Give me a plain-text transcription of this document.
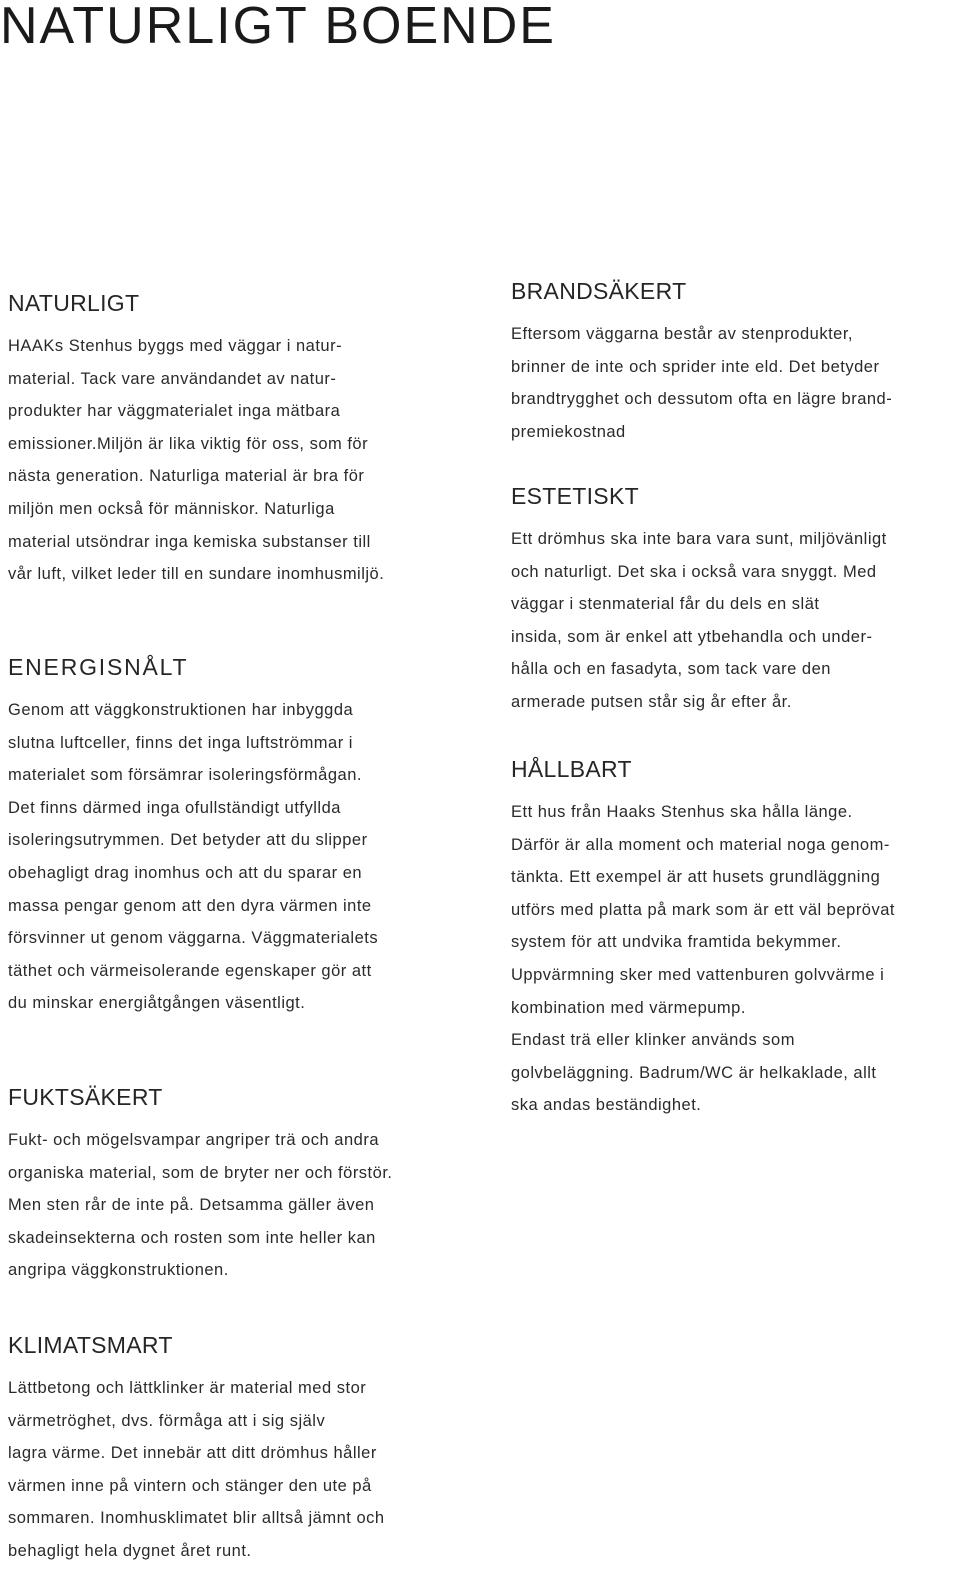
NATURLIGT BOENDE
NATURLIGT

HAAKs Stenhus byggs med väggar i natur-
material. Tack vare användandet av natur-
produkter har väggmaterialet inga mätbara
emissioner.Miljön är lika viktig för oss, som för
nästa generation. Naturliga material är bra för
miljön men också för människor. Naturliga
material utsöndrar inga kemiska substanser till
vår luft, vilket leder till en sundare inomhusmiljö.

ENERGISNÅLT

Genom att väggkonstruktionen har inbyggda
slutna luftceller, finns det inga luftströmmar i
materialet som försämrar isoleringsförmågan.
Det finns därmed inga ofullständigt utfyllda
isoleringsutrymmen. Det betyder att du slipper
obehagligt drag inomhus och att du sparar en
massa pengar genom att den dyra värmen inte
försvinner ut genom väggarna. Väggmaterialets
täthet och värmeisolerande egenskaper gör att
du minskar energiåtgången väsentligt.

FUKTSÄKERT

Fukt- och mögelsvampar angriper trä och andra
organiska material, som de bryter ner och förstör.
Men sten rår de inte på. Detsamma gäller även
skadeinsekterna och rosten som inte heller kan
angripa väggkonstruktionen.

KLIMATSMART

Lättbetong och lättklinker är material med stor
värmetröghet, dvs. förmåga att i sig själv
lagra värme. Det innebär att ditt drömhus håller
värmen inne på vintern och stänger den ute på
sommaren. Inomhusklimatet blir alltså jämnt och
behagligt hela dygnet året runt.

BRANDSÄKERT

Eftersom väggarna består av stenprodukter,
brinner de inte och sprider inte eld. Det betyder
brandtrygghet och dessutom ofta en lägre brand-
premiekostnad

ESTETISKT

Ett drömhus ska inte bara vara sunt, miljövänligt
och naturligt. Det ska i också vara snyggt. Med
väggar i stenmaterial får du dels en slät
insida, som är enkel att ytbehandla och under-
hålla och en fasadyta, som tack vare den
armerade putsen står sig år efter år.

HÅLLBART

Ett hus från Haaks Stenhus ska hålla länge.
Därför är alla moment och material noga genom-
tänkta. Ett exempel är att husets grundläggning
utförs med platta på mark som är ett väl beprövat
system för att undvika framtida bekymmer.
Uppvärmning sker med vattenburen golvvärme i
kombination med värmepump.
Endast trä eller klinker används som
golvbeläggning. Badrum/WC är helkaklade, allt
ska andas beständighet.
